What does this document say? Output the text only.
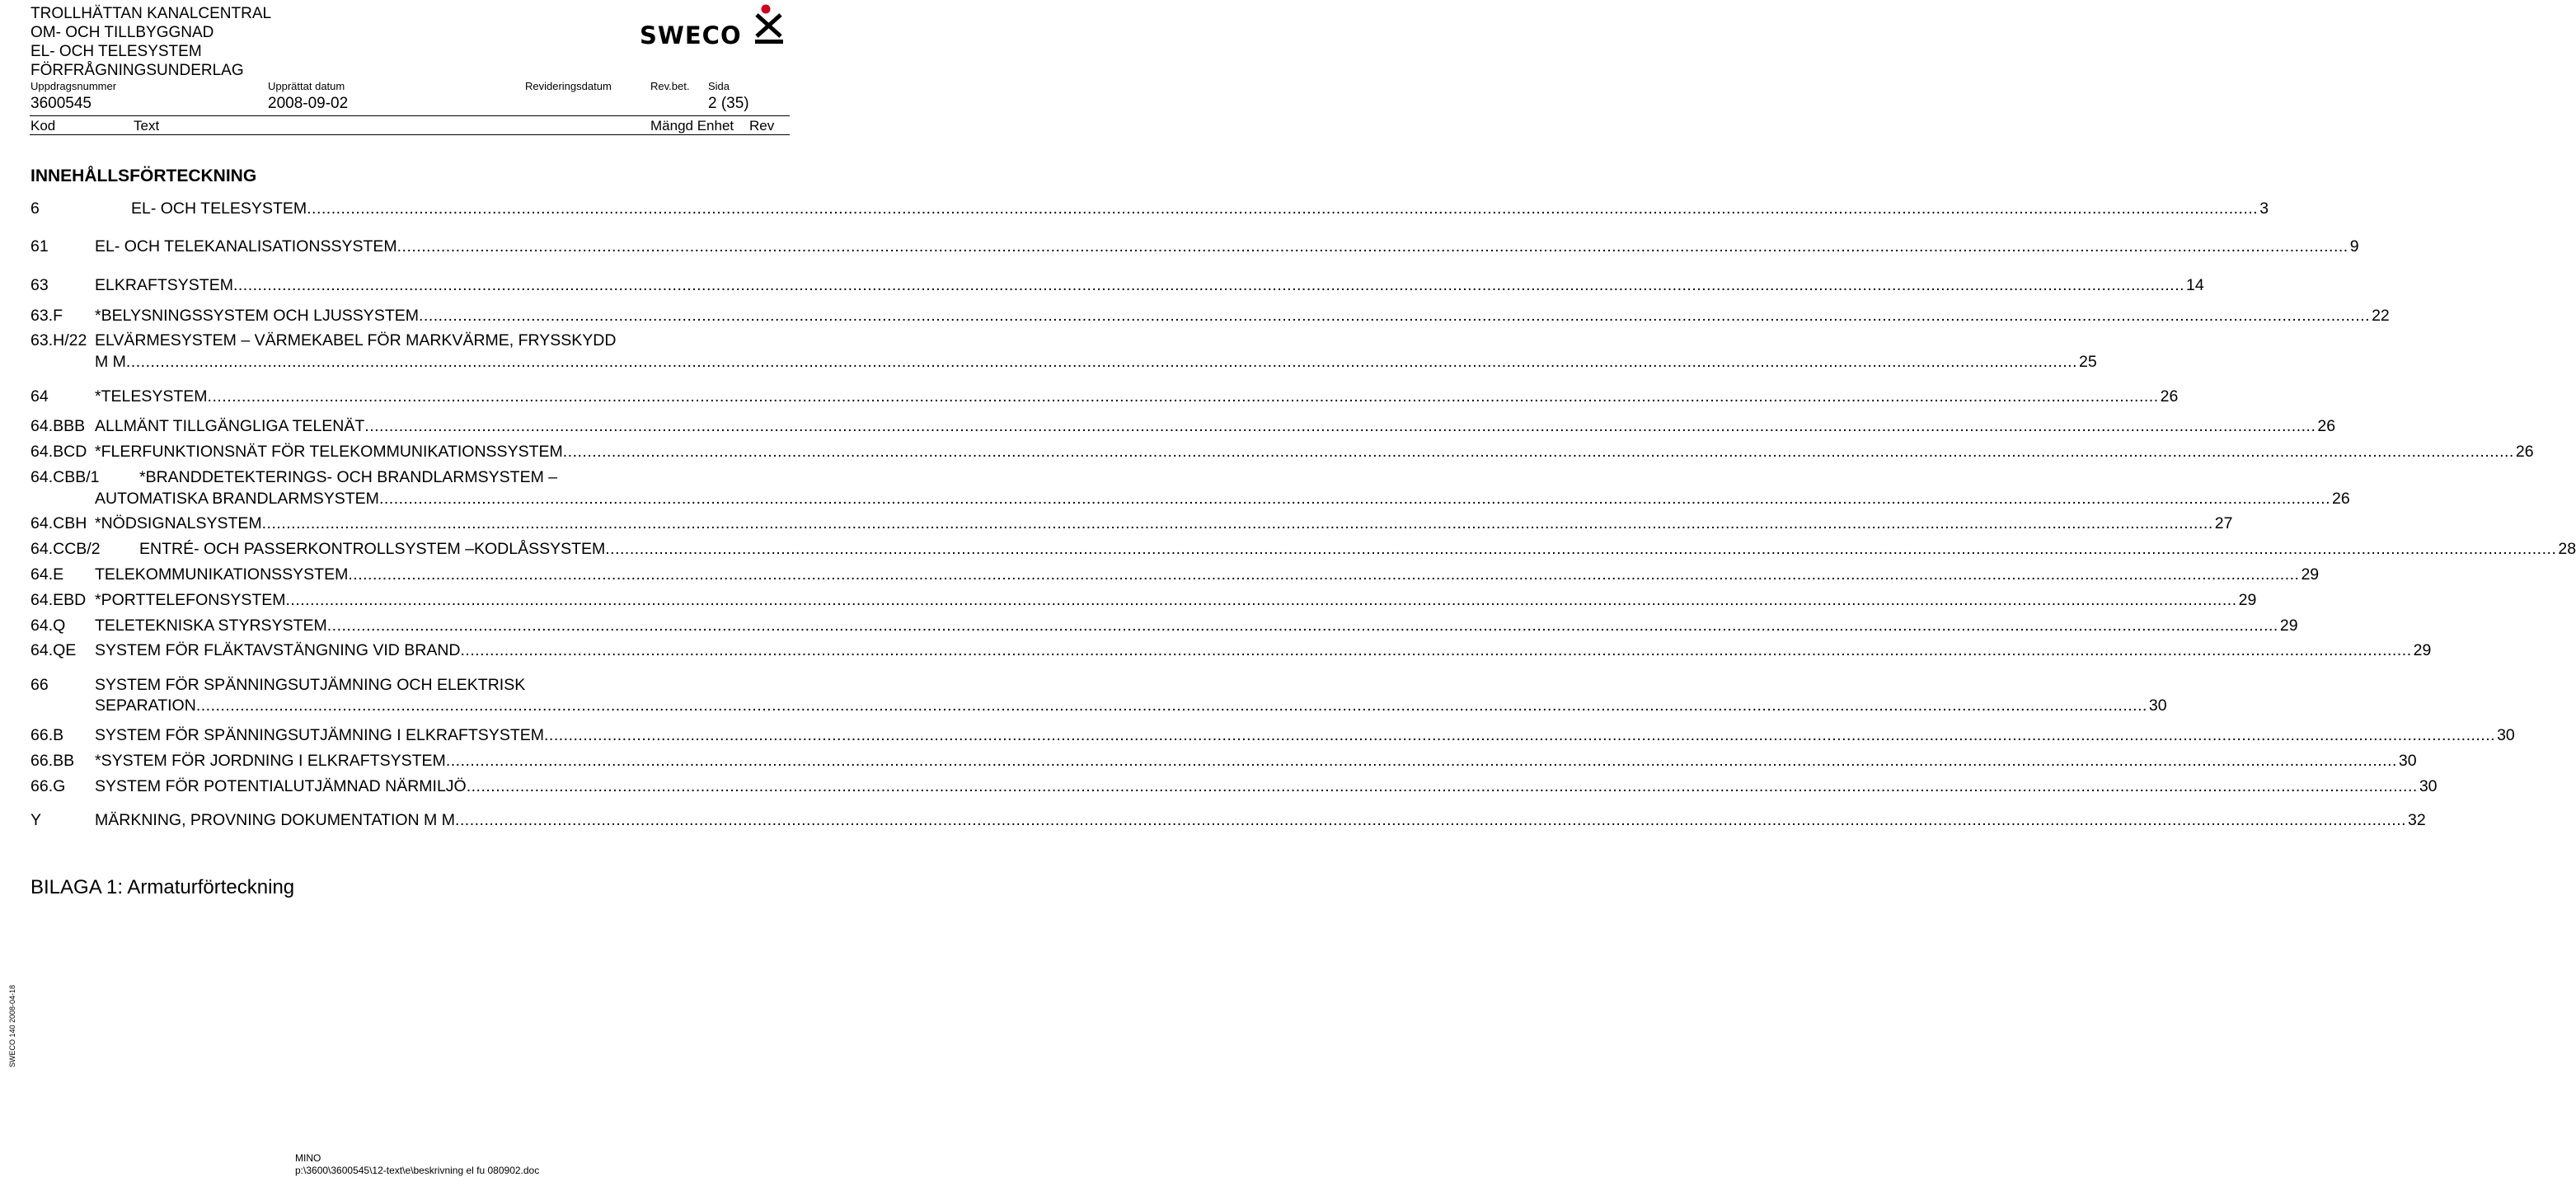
TROLLHÄTTAN KANALCENTRAL
OM- OCH TILLBYGGNAD
EL- OCH TELESYSTEM
FÖRFRÅGNINGSUNDERLAG
SWECO
Uppdragsnummer	Upprättat datum	Revideringsdatum	Rev.bet. Sida
3600545	2008-09-02	2 (35)
Kod	Text	Mängd Enhet Rev
INNEHÅLLSFÖRTECKNING
6	EL- OCH TELESYSTEM ................................................................................................................................................................................................................................................................................................................................................................................................................ 3
61	EL- OCH TELEKANALISATIONSSYSTEM ................................................................................................................................................................................................................................................................................................................................................................................................................ 9
63	ELKRAFTSYSTEM ................................................................................................................................................................................................................................................................................................................................................................................................................ 14
63.F *BELYSNINGSSYSTEM OCH LJUSSYSTEM ................................................................................................................................................................................................................................................................................................................................................................................................................ 22
63.H/22 ELVÄRMESYSTEM – VÄRMEKABEL FÖR MARKVÄRME, FRYSSKYDD
M M ................................................................................................................................................................................................................................................................................................................................................................................................................ 25
64	*TELESYSTEM ................................................................................................................................................................................................................................................................................................................................................................................................................ 26
64.BBB ALLMÄNT TILLGÄNGLIGA TELENÄT ................................................................................................................................................................................................................................................................................................................................................................................................................ 26
64.BCD *FLERFUNKTIONSNÄT FÖR TELEKOMMUNIKATIONSSYSTEM ................................................................................................................................................................................................................................................................................................................................................................................................................ 26
64.CBB/1 *BRANDDETEKTERINGS- OCH BRANDLARMSYSTEM –
AUTOMATISKA BRANDLARMSYSTEM ................................................................................................................................................................................................................................................................................................................................................................................................................ 26
64.CBH *NÖDSIGNALSYSTEM ................................................................................................................................................................................................................................................................................................................................................................................................................ 27
64.CCB/2 ENTRÉ- OCH PASSERKONTROLLSYSTEM –KODLÅSSYSTEM ................................................................................................................................................................................................................................................................................................................................................................................................................ 28
64.E TELEKOMMUNIKATIONSSYSTEM ................................................................................................................................................................................................................................................................................................................................................................................................................ 29
64.EBD *PORTTELEFONSYSTEM ................................................................................................................................................................................................................................................................................................................................................................................................................ 29
64.Q TELETEKNISKA STYRSYSTEM ................................................................................................................................................................................................................................................................................................................................................................................................................ 29
64.QE SYSTEM FÖR FLÄKTAVSTÄNGNING VID BRAND ................................................................................................................................................................................................................................................................................................................................................................................................................ 29
66	SYSTEM FÖR SPÄNNINGSUTJÄMNING OCH ELEKTRISK
SEPARATION ................................................................................................................................................................................................................................................................................................................................................................................................................ 30
66.B SYSTEM FÖR SPÄNNINGSUTJÄMNING I ELKRAFTSYSTEM ................................................................................................................................................................................................................................................................................................................................................................................................................ 30
66.BB *SYSTEM FÖR JORDNING I ELKRAFTSYSTEM ................................................................................................................................................................................................................................................................................................................................................................................................................ 30
66.G SYSTEM FÖR POTENTIALUTJÄMNAD NÄRMILJÖ ................................................................................................................................................................................................................................................................................................................................................................................................................ 30
Y	MÄRKNING, PROVNING DOKUMENTATION M M ................................................................................................................................................................................................................................................................................................................................................................................................................ 32
BILAGA 1: Armaturförteckning
SWECO 140 2008-04-18
MINO
p:\3600\3600545\12-text\e\beskrivning el fu 080902.doc
